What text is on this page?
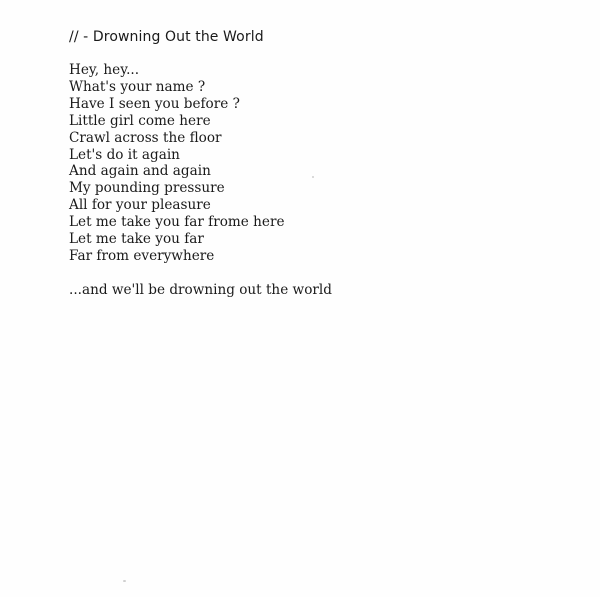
// - Drowning Out the World
Hey, hey...
What's your name ?
Have I seen you before ?
Little girl come here
Crawl across the floor
Let's do it again
And again and again
My pounding pressure
All for your pleasure
Let me take you far frome here
Let me take you far
Far from everywhere
...and we'll be drowning out the world
